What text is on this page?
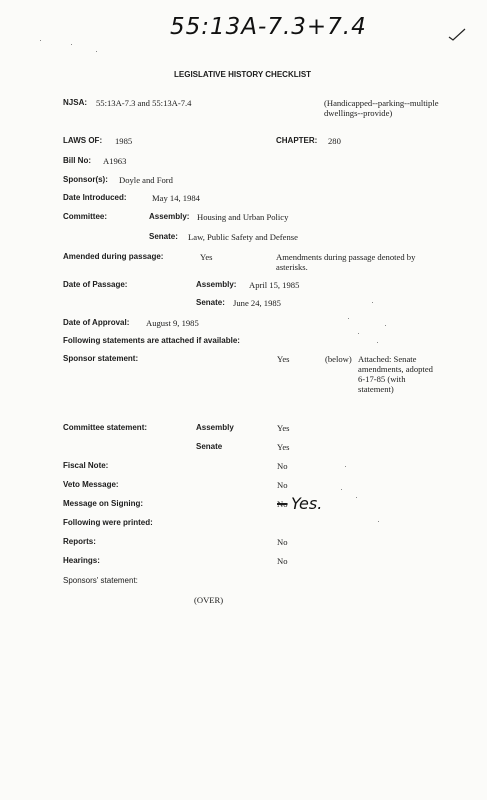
55:13A-7.3+7.4
LEGISLATIVE HISTORY CHECKLIST
NJSA: 55:13A-7.3 and 55:13A-7.4	(Handicapped--parking--multiple dwellings--provide)
LAWS OF: 1985	CHAPTER: 280
Bill No: A1963
Sponsor(s): Doyle and Ford
Date Introduced:	May 14, 1984
Committee:	Assembly: Housing and Urban Policy
Senate: Law, Public Safety and Defense
Amended during passage:	Yes	Amendments during passage denoted by asterisks.
Date of Passage:	Assembly: April 15, 1985
Senate: June 24, 1985
Date of Approval: August 9, 1985
Following statements are attached if available:
Sponsor statement:	Yes	(below) Attached: Senate amendments, adopted 6-17-85 (with statement)
Committee statement:	Assembly	Yes
Senate	Yes
Fiscal Note:	No
Veto Message:	No
Message on Signing:	No Yes.
Following were printed:
Reports:	No
Hearings:	No
Sponsors' statement:
(OVER)
